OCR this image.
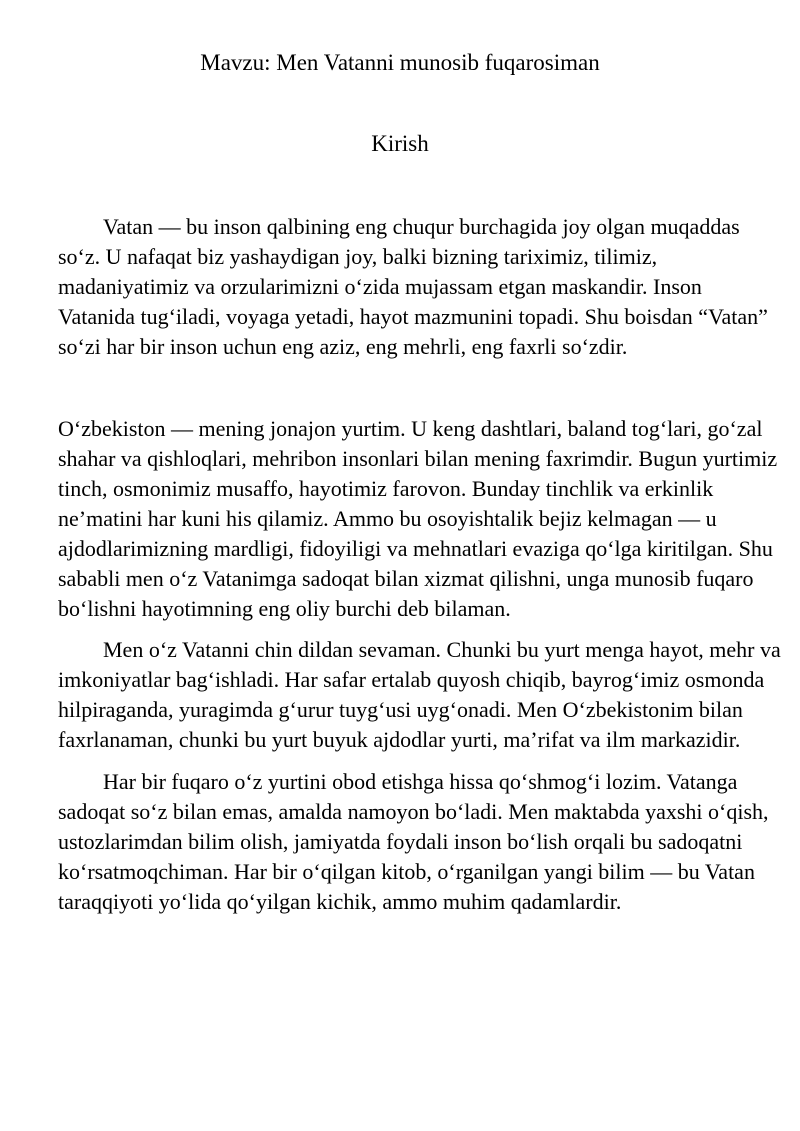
Mavzu: Men Vatanni munosib fuqarosiman
Kirish

Vatan — bu inson qalbining eng chuqur burchagida joy olgan muqaddas so‘z. U nafaqat biz yashaydigan joy, balki bizning tariximiz, tilimiz, madaniyatimiz va orzularimizni o‘zida mujassam etgan maskandir. Inson Vatanida tug‘iladi, voyaga yetadi, hayot mazmunini topadi. Shu boisdan “Vatan” so‘zi har bir inson uchun eng aziz, eng mehrli, eng faxrli so‘zdir.

O‘zbekiston — mening jonajon yurtim. U keng dashtlari, baland tog‘lari, go‘zal shahar va qishloqlari, mehribon insonlari bilan mening faxrimdir. Bugun yurtimiz tinch, osmonimiz musaffo, hayotimiz farovon. Bunday tinchlik va erkinlik ne’matini har kuni his qilamiz. Ammo bu osoyishtalik bejiz kelmagan — u ajdodlarimizning mardligi, fidoyiligi va mehnatlari evaziga qo‘lga kiritilgan. Shu sababli men o‘z Vatanimga sadoqat bilan xizmat qilishni, unga munosib fuqaro bo‘lishni hayotimning eng oliy burchi deb bilaman.

Men o‘z Vatanni chin dildan sevaman. Chunki bu yurt menga hayot, mehr va imkoniyatlar bag‘ishladi. Har safar ertalab quyosh chiqib, bayrog‘imiz osmonda hilpiraganda, yuragimda g‘urur tuyg‘usi uyg‘onadi. Men O‘zbekistonim bilan faxrlanaman, chunki bu yurt buyuk ajdodlar yurti, ma’rifat va ilm markazidir.

Har bir fuqaro o‘z yurtini obod etishga hissa qo‘shmog‘i lozim. Vatanga sadoqat so‘z bilan emas, amalda namoyon bo‘ladi. Men maktabda yaxshi o‘qish, ustozlarimdan bilim olish, jamiyatda foydali inson bo‘lish orqali bu sadoqatni ko‘rsatmoqchiman. Har bir o‘qilgan kitob, o‘rganilgan yangi bilim — bu Vatan taraqqiyoti yo‘lida qo‘yilgan kichik, ammo muhim qadamlardir.
